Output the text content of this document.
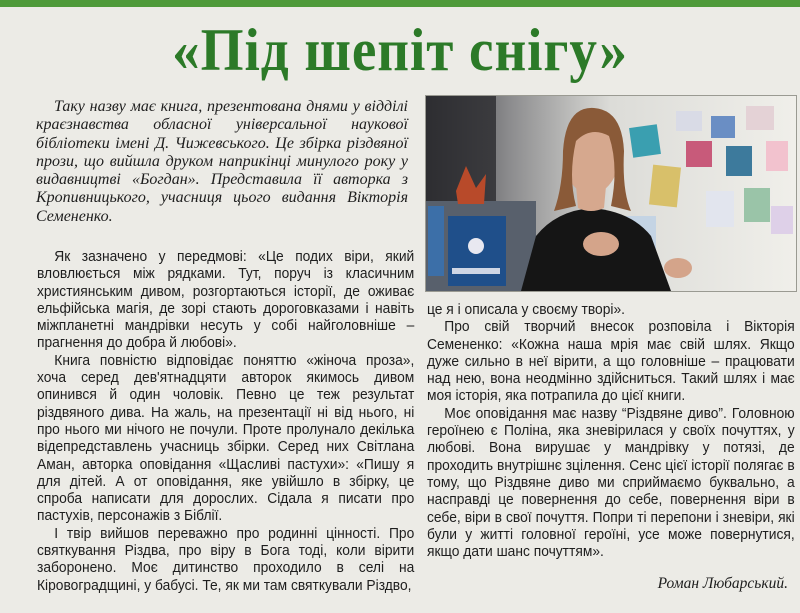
«Під шепіт снігу»
Таку назву має книга, презентована днями у відділі краєзнавства обласної універсальної наукової бібліотеки імені Д. Чижевського. Це збірка різдвяної прози, що вийшла друком наприкінці минулого року у видавництві «Богдан». Представила її авторка з Кропивницького, учасниця цього видання Вікторія Семененко.

Як зазначено у передмові: «Це подих віри, який вловлюється між рядками. Тут, поруч із класичним християнським дивом, розгортаються історії, де оживає ельфійська магія, де зорі стають дороговказами і навіть міжпланетні мандрівки несуть у собі найголовніше – прагнення до добра й любові».

Книга повністю відповідає поняттю «жіноча проза», хоча серед дев'ятнадцяти авторок якимось дивом опинився й один чоловік. Певно це теж результат різдвяного дива. На жаль, на презентації ні від нього, ні про нього ми нічого не почули. Проте пролунало декілька відепредставлень учасниць збірки. Серед них Світлана Аман, авторка оповідання «Щасливі пастухи»: «Пишу я для дітей. А от оповідання, яке увійшло в збірку, це спроба написати для дорослих. Сідала я писати про пастухів, персонажів з Біблії.

І твір вийшов переважно про родинні цінності. Про святкування Різдва, про віру в Бога тоді, коли вірити заборонено. Моє дитинство проходило в селі на Кіровоградщині, у бабусі. Те, як ми там святкували Різдво,

це я і описала у своєму творі».

Про свій творчий внесок розповіла і Вікторія Семененко: «Кожна наша мрія має свій шлях. Якщо дуже сильно в неї вірити, а що головніше – працювати над нею, вона неодмінно здійсниться. Такий шлях і має моя історія, яка потрапила до цієї книги.

Моє оповідання має назву “Різдвяне диво”. Головною героїнею є Поліна, яка зневірилася у своїх почуттях, у любові. Вона вирушає у мандрівку у потязі, де проходить внутрішнє зцілення. Сенс цієї історії полягає в тому, що Різдвяне диво ми сприймаємо буквально, а насправді це повернення до себе, повернення віри в себе, віри в свої почуття. Попри ті перепони і зневіри, які були у житті головної героїні, усе може повернутися, якщо дати шанс почуттям».

Роман Любарський.
